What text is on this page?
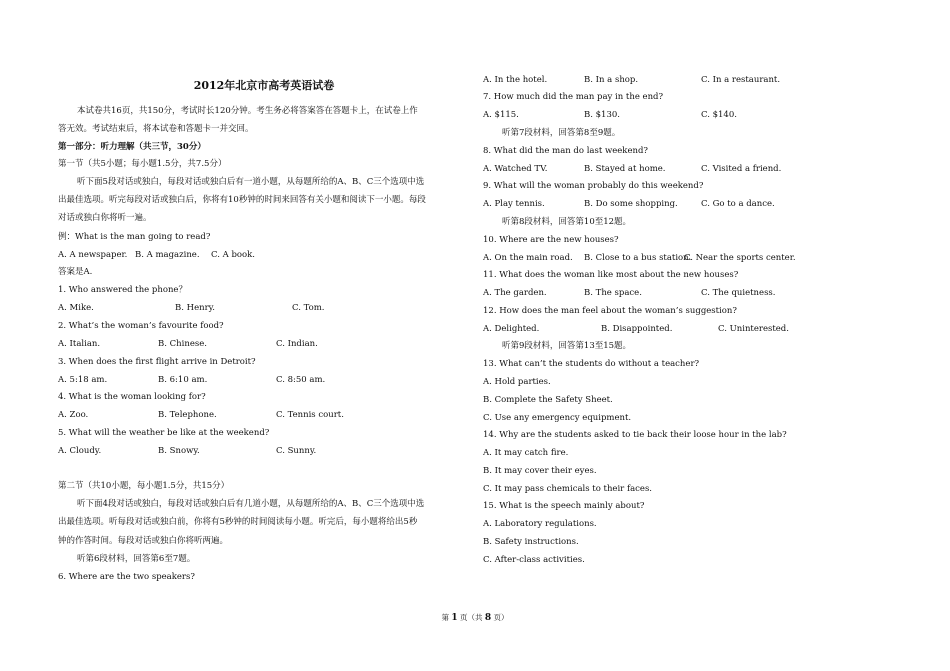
2012年北京市高考英语试卷
本试卷共16页，共150分，考试时长120分钟。考生务必将答案答在答题卡上，在试卷上作
答无效。考试结束后，将本试卷和答题卡一并交回。
第一部分：听力理解（共三节，30分）
第一节（共5小题；每小题1.5分，共7.5分）
听下面5段对话或独白，每段对话或独白后有一道小题，从每题所给的A、B、C三个选项中选
出最佳选项。听完每段对话或独白后，你将有10秒钟的时间来回答有关小题和阅读下一小题。每段
对话或独白你将听一遍。
例：What is the man going to read?
A. A newspaper. B. A magazine. C. A book.
答案是A.
1. Who answered the phone？
A. Mike.	B. Henry.	C. Tom.
2. What’s the woman’s favourite food?
A. Italian.	B. Chinese.	C. Indian.
3. When does the first flight arrive in Detroit?
A. 5:18 am.	B. 6:10 am.	C. 8:50 am.
4. What is the woman looking for?
A. Zoo.	B. Telephone.	C. Tennis court.
5. What will the weather be like at the weekend?
A. Cloudy.	B. Snowy.	C. Sunny.
第二节（共10小题，每小题1.5分，共15分）
听下面4段对话或独白，每段对话或独白后有几道小题，从每题所给的A、B、C三个选项中选
出最佳选项。听每段对话或独白前，你将有5秒钟的时间阅读每小题。听完后，每小题将给出5秒
钟的作答时间。每段对话或独白你将听两遍。
听第6段材料，回答第6至7题。
6. Where are the two speakers?
A. In the hotel.	B. In a shop.	C. In a restaurant.
7. How much did the man pay in the end?
A. $115.	B. $130.	C. $140.
听第7段材料，回答第8至9题。
8. What did the man do last weekend?
A. Watched TV.	B. Stayed at home.	C. Visited a friend.
9. What will the woman probably do this weekend?
A. Play tennis.	B. Do some shopping.	C. Go to a dance.
听第8段材料，回答第10至12题。
10. Where are the new houses?
A. On the main road. B. Close to a bus station.
C. Near the sports center.
11. What does the woman like most about the new houses?
A. The garden.	B. The space.	C. The quietness.
12. How does the man feel about the woman’s suggestion?
A. Delighted.	B. Disappointed.	C. Uninterested.
听第9段材料，回答第13至15题。
13. What can’t the students do without a teacher?
A. Hold parties.
B. Complete the Safety Sheet.
C. Use any emergency equipment.
14. Why are the students asked to tie back their loose hour in the lab?
A. It may catch fire.
B. It may cover their eyes.
C. It may pass chemicals to their faces.
15. What is the speech mainly about?
A. Laboratory regulations.
B. Safety instructions.
C. After-class activities.
第 1 页（共 8 页）
